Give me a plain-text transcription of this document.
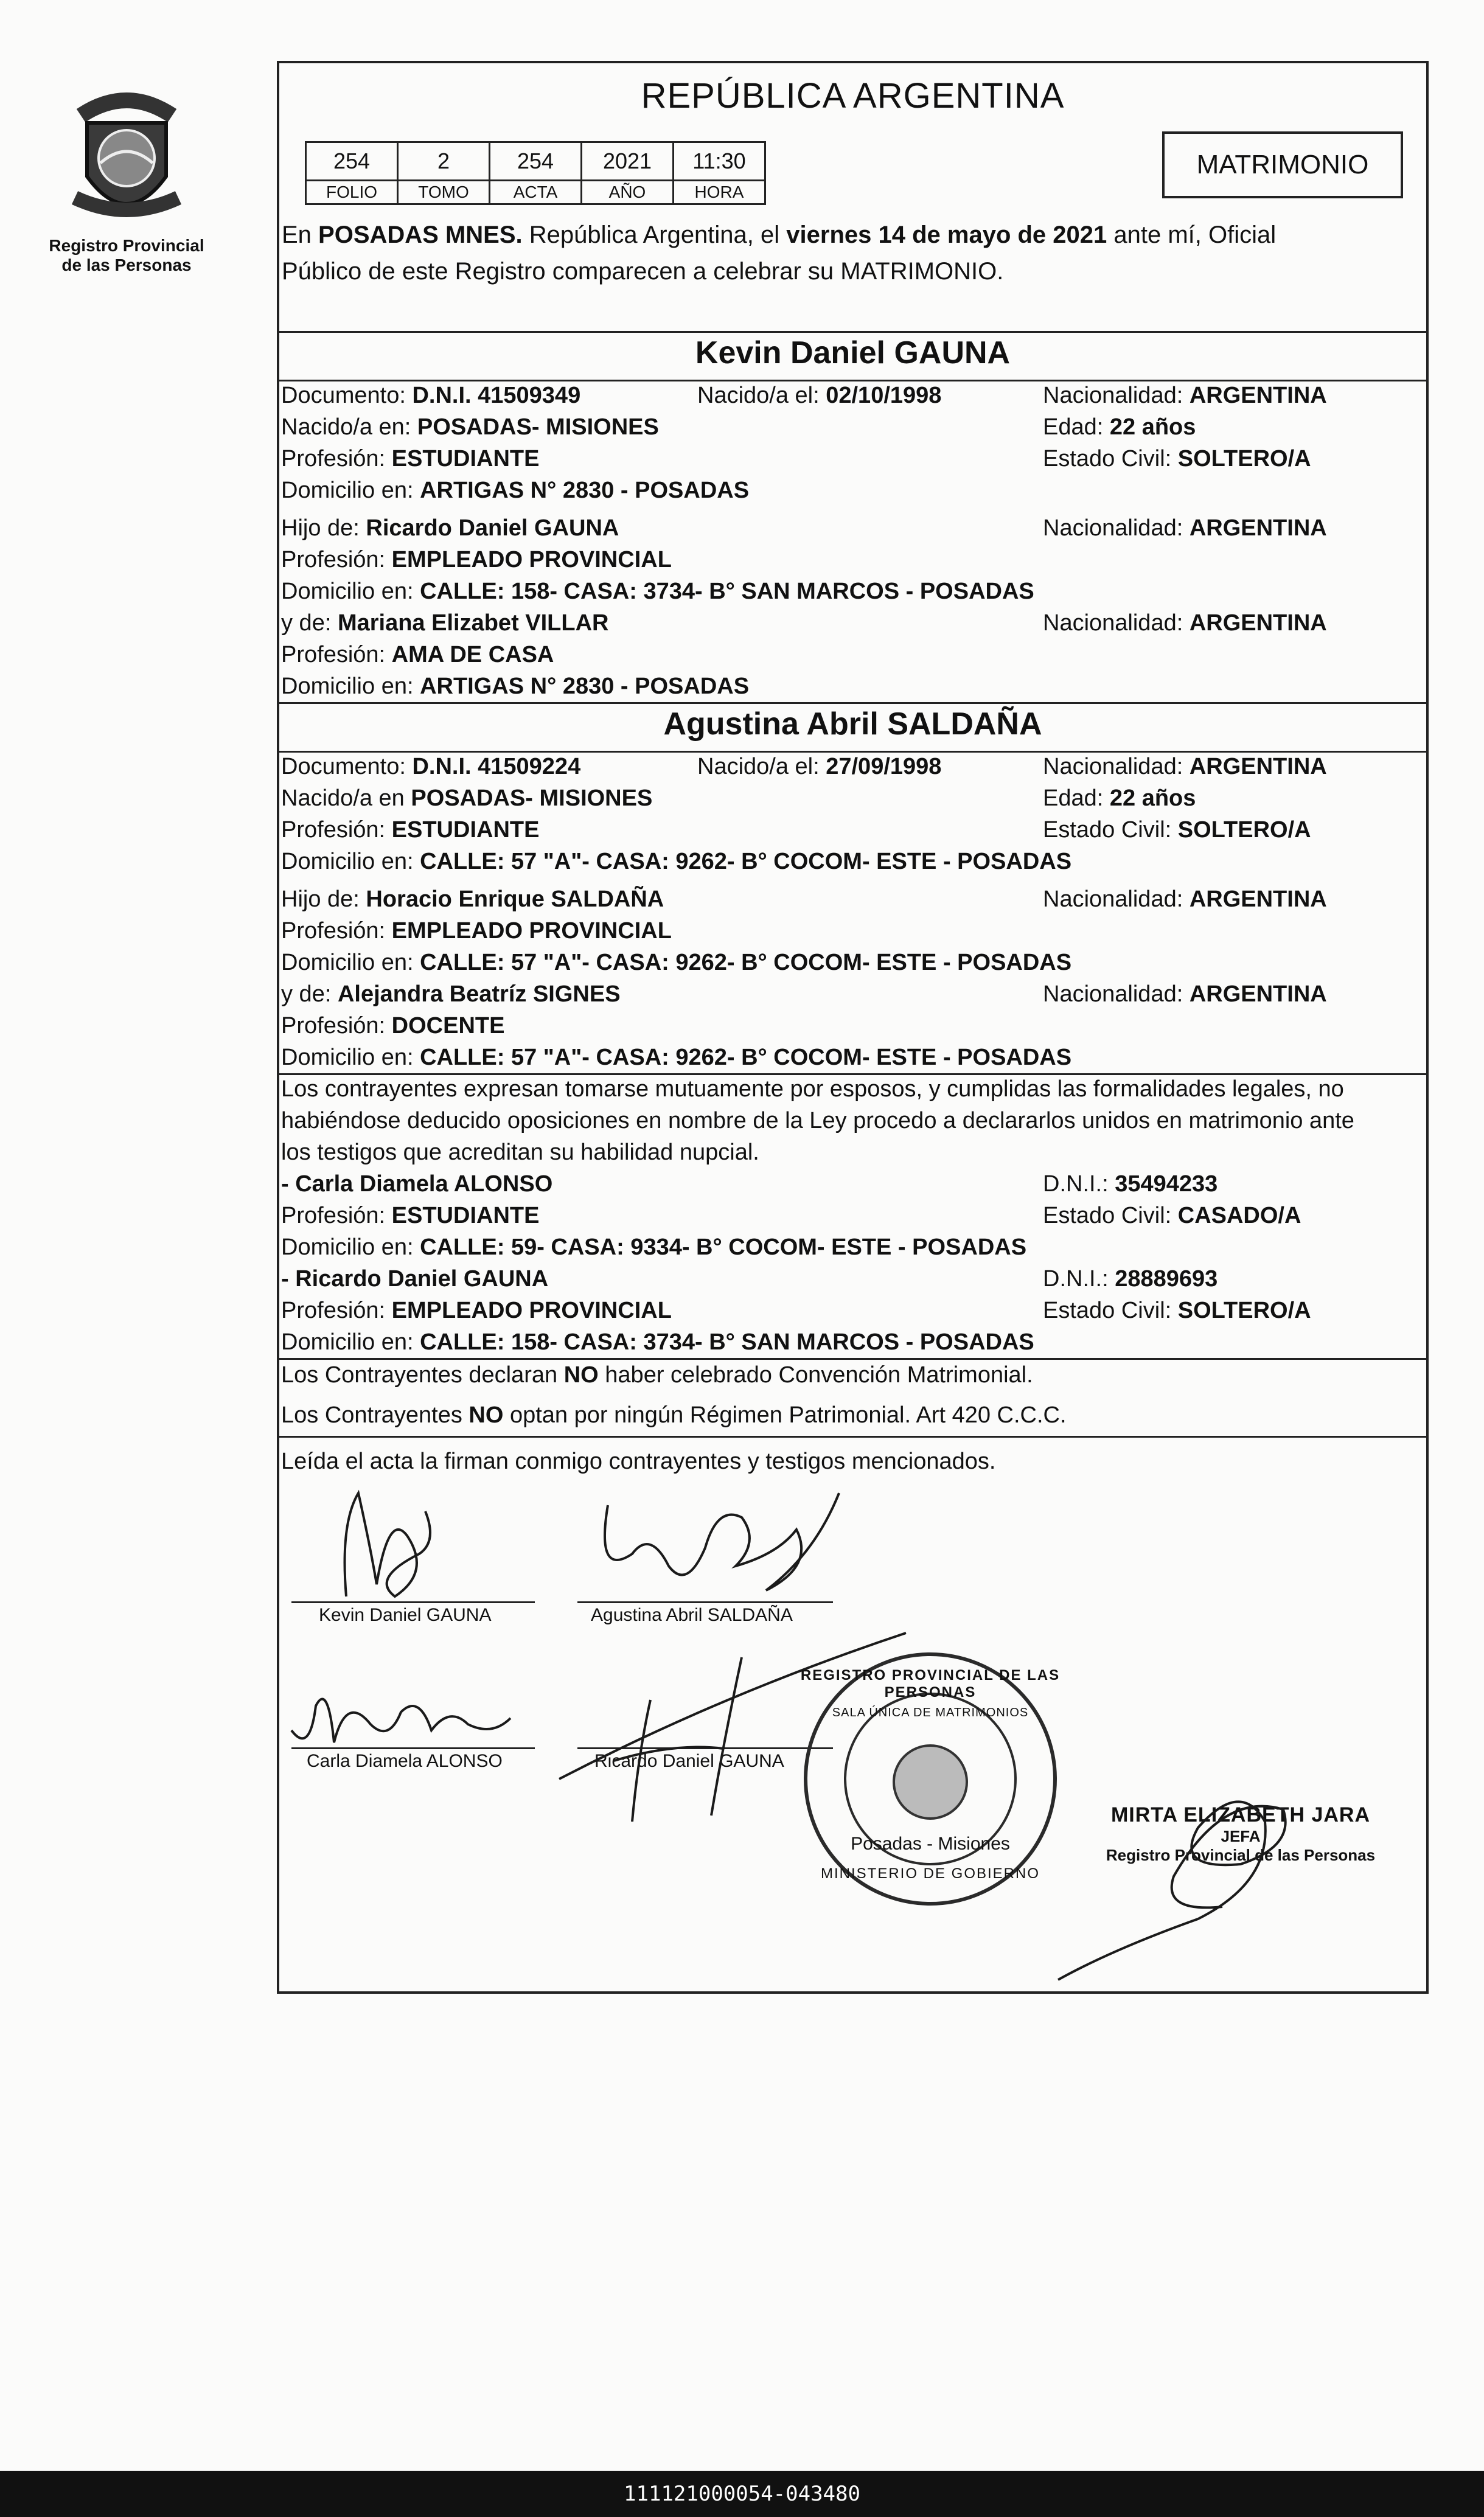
Registro Provincial
de las Personas
REPÚBLICA ARGENTINA
254	2	254	2021	11:30
FOLIO	TOMO	ACTA	AÑO	HORA
MATRIMONIO
En POSADAS MNES. República Argentina, el viernes 14 de mayo de 2021 ante mí, Oficial
Público de este Registro comparecen a celebrar su MATRIMONIO.
Kevin Daniel GAUNA
Documento: D.N.I. 41509349	Nacido/a el: 02/10/1998	Nacionalidad: ARGENTINA
Nacido/a en: POSADAS- MISIONES	Edad: 22 años
Profesión: ESTUDIANTE	Estado Civil: SOLTERO/A
Domicilio en: ARTIGAS N° 2830 - POSADAS
Hijo de: Ricardo Daniel GAUNA	Nacionalidad: ARGENTINA
Profesión: EMPLEADO PROVINCIAL
Domicilio en: CALLE: 158- CASA: 3734- B° SAN MARCOS - POSADAS
y de: Mariana Elizabet VILLAR	Nacionalidad: ARGENTINA
Profesión: AMA DE CASA
Domicilio en: ARTIGAS N° 2830 - POSADAS
Agustina Abril SALDAÑA
Documento: D.N.I. 41509224	Nacido/a el: 27/09/1998	Nacionalidad: ARGENTINA
Nacido/a en POSADAS- MISIONES	Edad: 22 años
Profesión: ESTUDIANTE	Estado Civil: SOLTERO/A
Domicilio en: CALLE: 57 "A"- CASA: 9262- B° COCOM- ESTE - POSADAS
Hijo de: Horacio Enrique SALDAÑA	Nacionalidad: ARGENTINA
Profesión: EMPLEADO PROVINCIAL
Domicilio en: CALLE: 57 "A"- CASA: 9262- B° COCOM- ESTE - POSADAS
y de: Alejandra Beatríz SIGNES	Nacionalidad: ARGENTINA
Profesión: DOCENTE
Domicilio en: CALLE: 57 "A"- CASA: 9262- B° COCOM- ESTE - POSADAS
Los contrayentes expresan tomarse mutuamente por esposos, y cumplidas las formalidades legales, no
habiéndose deducido oposiciones en nombre de la Ley procedo a declararlos unidos en matrimonio ante
los testigos que acreditan su habilidad nupcial.
- Carla Diamela ALONSO	D.N.I.: 35494233
Profesión: ESTUDIANTE	Estado Civil: CASADO/A
Domicilio en: CALLE: 59- CASA: 9334- B° COCOM- ESTE - POSADAS
- Ricardo Daniel GAUNA	D.N.I.: 28889693
Profesión: EMPLEADO PROVINCIAL	Estado Civil: SOLTERO/A
Domicilio en: CALLE: 158- CASA: 3734- B° SAN MARCOS - POSADAS
Los Contrayentes declaran NO haber celebrado Convención Matrimonial.
Los Contrayentes NO optan por ningún Régimen Patrimonial. Art 420 C.C.C.
Leída el acta la firman conmigo contrayentes y testigos mencionados.
Kevin Daniel GAUNA	Agustina Abril SALDAÑA
Carla Diamela ALONSO	Ricardo Daniel GAUNA
REGISTRO PROVINCIAL DE LAS PERSONAS
SALA ÚNICA DE MATRIMONIOS
Posadas - Misiones
MINISTERIO DE GOBIERNO
MIRTA ELIZABETH JARA
JEFA
Registro Provincial de las Personas
111121000054-043480
